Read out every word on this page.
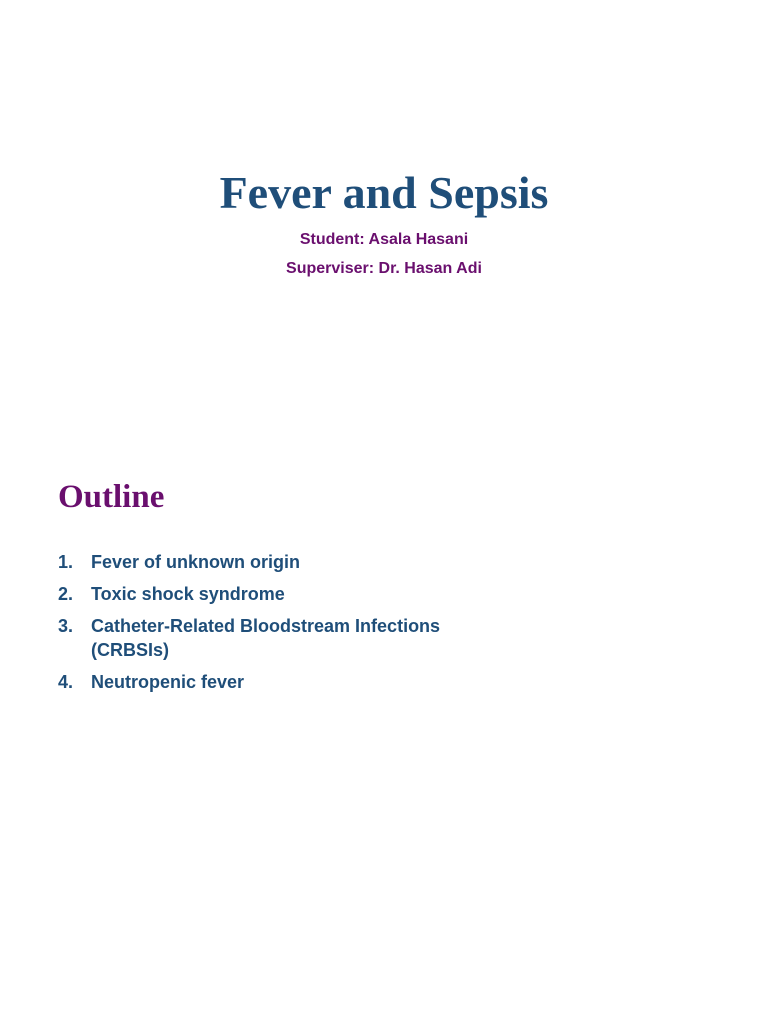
Fever and Sepsis

Student: Asala Hasani

Superviser: Dr. Hasan Adi

Outline
1. Fever of unknown origin
2. Toxic shock syndrome
3. Catheter-Related Bloodstream Infections (CRBSIs)
4. Neutropenic fever
